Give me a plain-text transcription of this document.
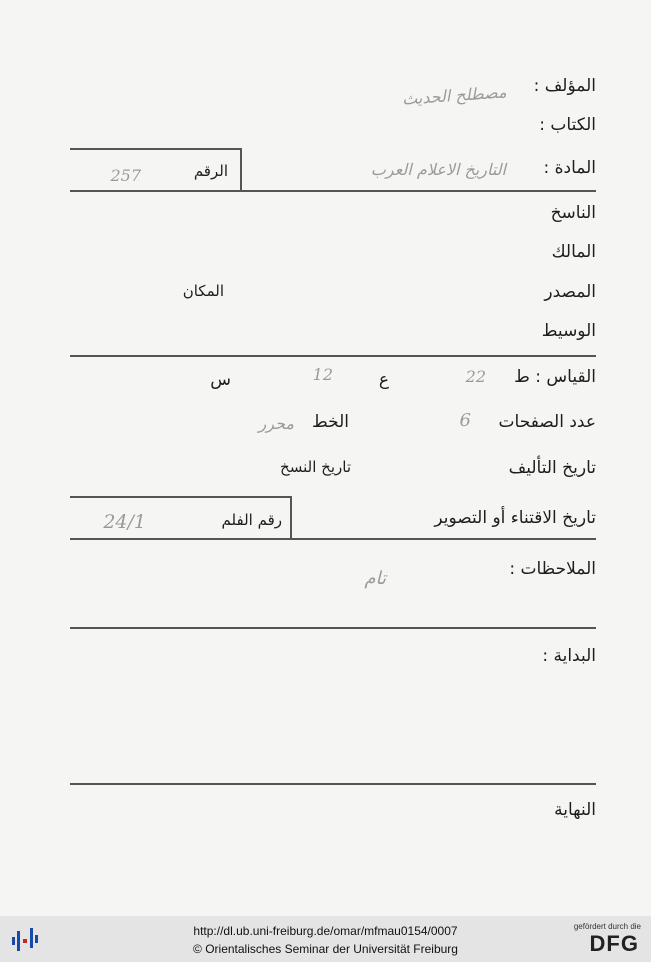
المؤلف :
مصطلح الحديث
الكتاب :
المادة :
التاريخ الاعلام العرب
الرقم
257
الناسخ
المالك
المصدر
المكان
الوسيط
القياس : ط
22
ع
12
س
عدد الصفحات
6
الخط
محرر
تاريخ التأليف
تاريخ النسخ
تاريخ الاقتناء أو التصوير
رقم الفلم
24/1
الملاحظات :
تام
البداية :
النهاية
http://dl.ub.uni-freiburg.de/omar/mfmau0154/0007
© Orientalisches Seminar der Universität Freiburg
gefördert durch die
DFG
